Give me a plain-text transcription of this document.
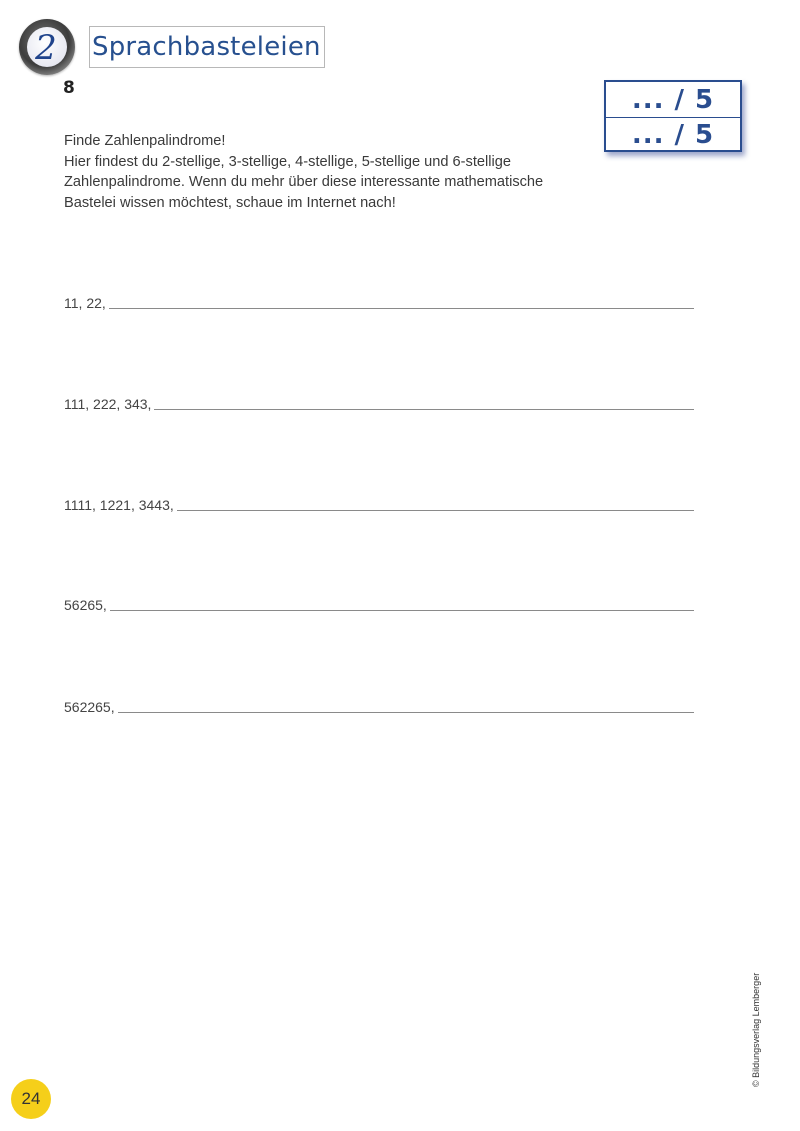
2 Sprachbasteleien
8	... / 5
... / 5
Finde Zahlenpalindrome!
Hier findest du 2-stellige, 3-stellige, 4-stellige, 5-stellige und 6-stellige
Zahlenpalindrome. Wenn du mehr über diese interessante mathematische
Bastelei wissen möchtest, schaue im Internet nach!
11, 22,
111, 222, 343,
1111, 1221, 3443,
56265,
562265,
© Bildungsverlag Lemberger
24
